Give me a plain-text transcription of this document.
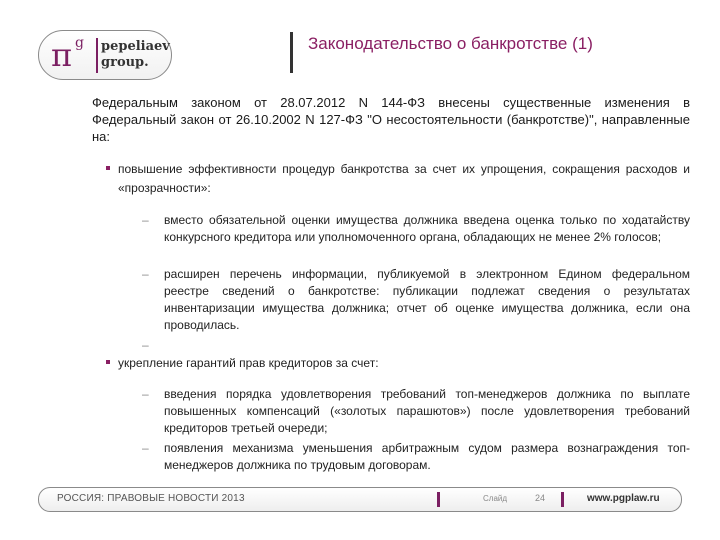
π g pepeliaev
group.
Законодательство о банкротстве (1)
Федеральным законом от 28.07.2012 N 144-ФЗ внесены существенные изменения в Федеральный закон от 26.10.2002 N 127-ФЗ "О несостоятельности (банкротстве)", направленные на:
повышение эффективности процедур банкротства за счет их упрощения, сокращения расходов и «прозрачности»:
– вместо обязательной оценки имущества должника введена оценка только по ходатайству конкурсного кредитора или уполномоченного органа, обладающих не менее 2% голосов;
– расширен перечень информации, публикуемой в электронном Едином федеральном реестре сведений о банкротстве: публикации подлежат сведения о результатах инвентаризации имущества должника; отчет об оценке имущества должника, если она проводилась.
–
укрепление гарантий прав кредиторов за счет:
– введения порядка удовлетворения требований топ-менеджеров должника по выплате повышенных компенсаций («золотых парашютов») после удовлетворения требований кредиторов третьей очереди;
– появления механизма уменьшения арбитражным судом размера вознаграждения топ-менеджеров должника по трудовым договорам.
РОССИЯ: ПРАВОВЫЕ НОВОСТИ 2013	Слайд	24	www.pgplaw.ru
